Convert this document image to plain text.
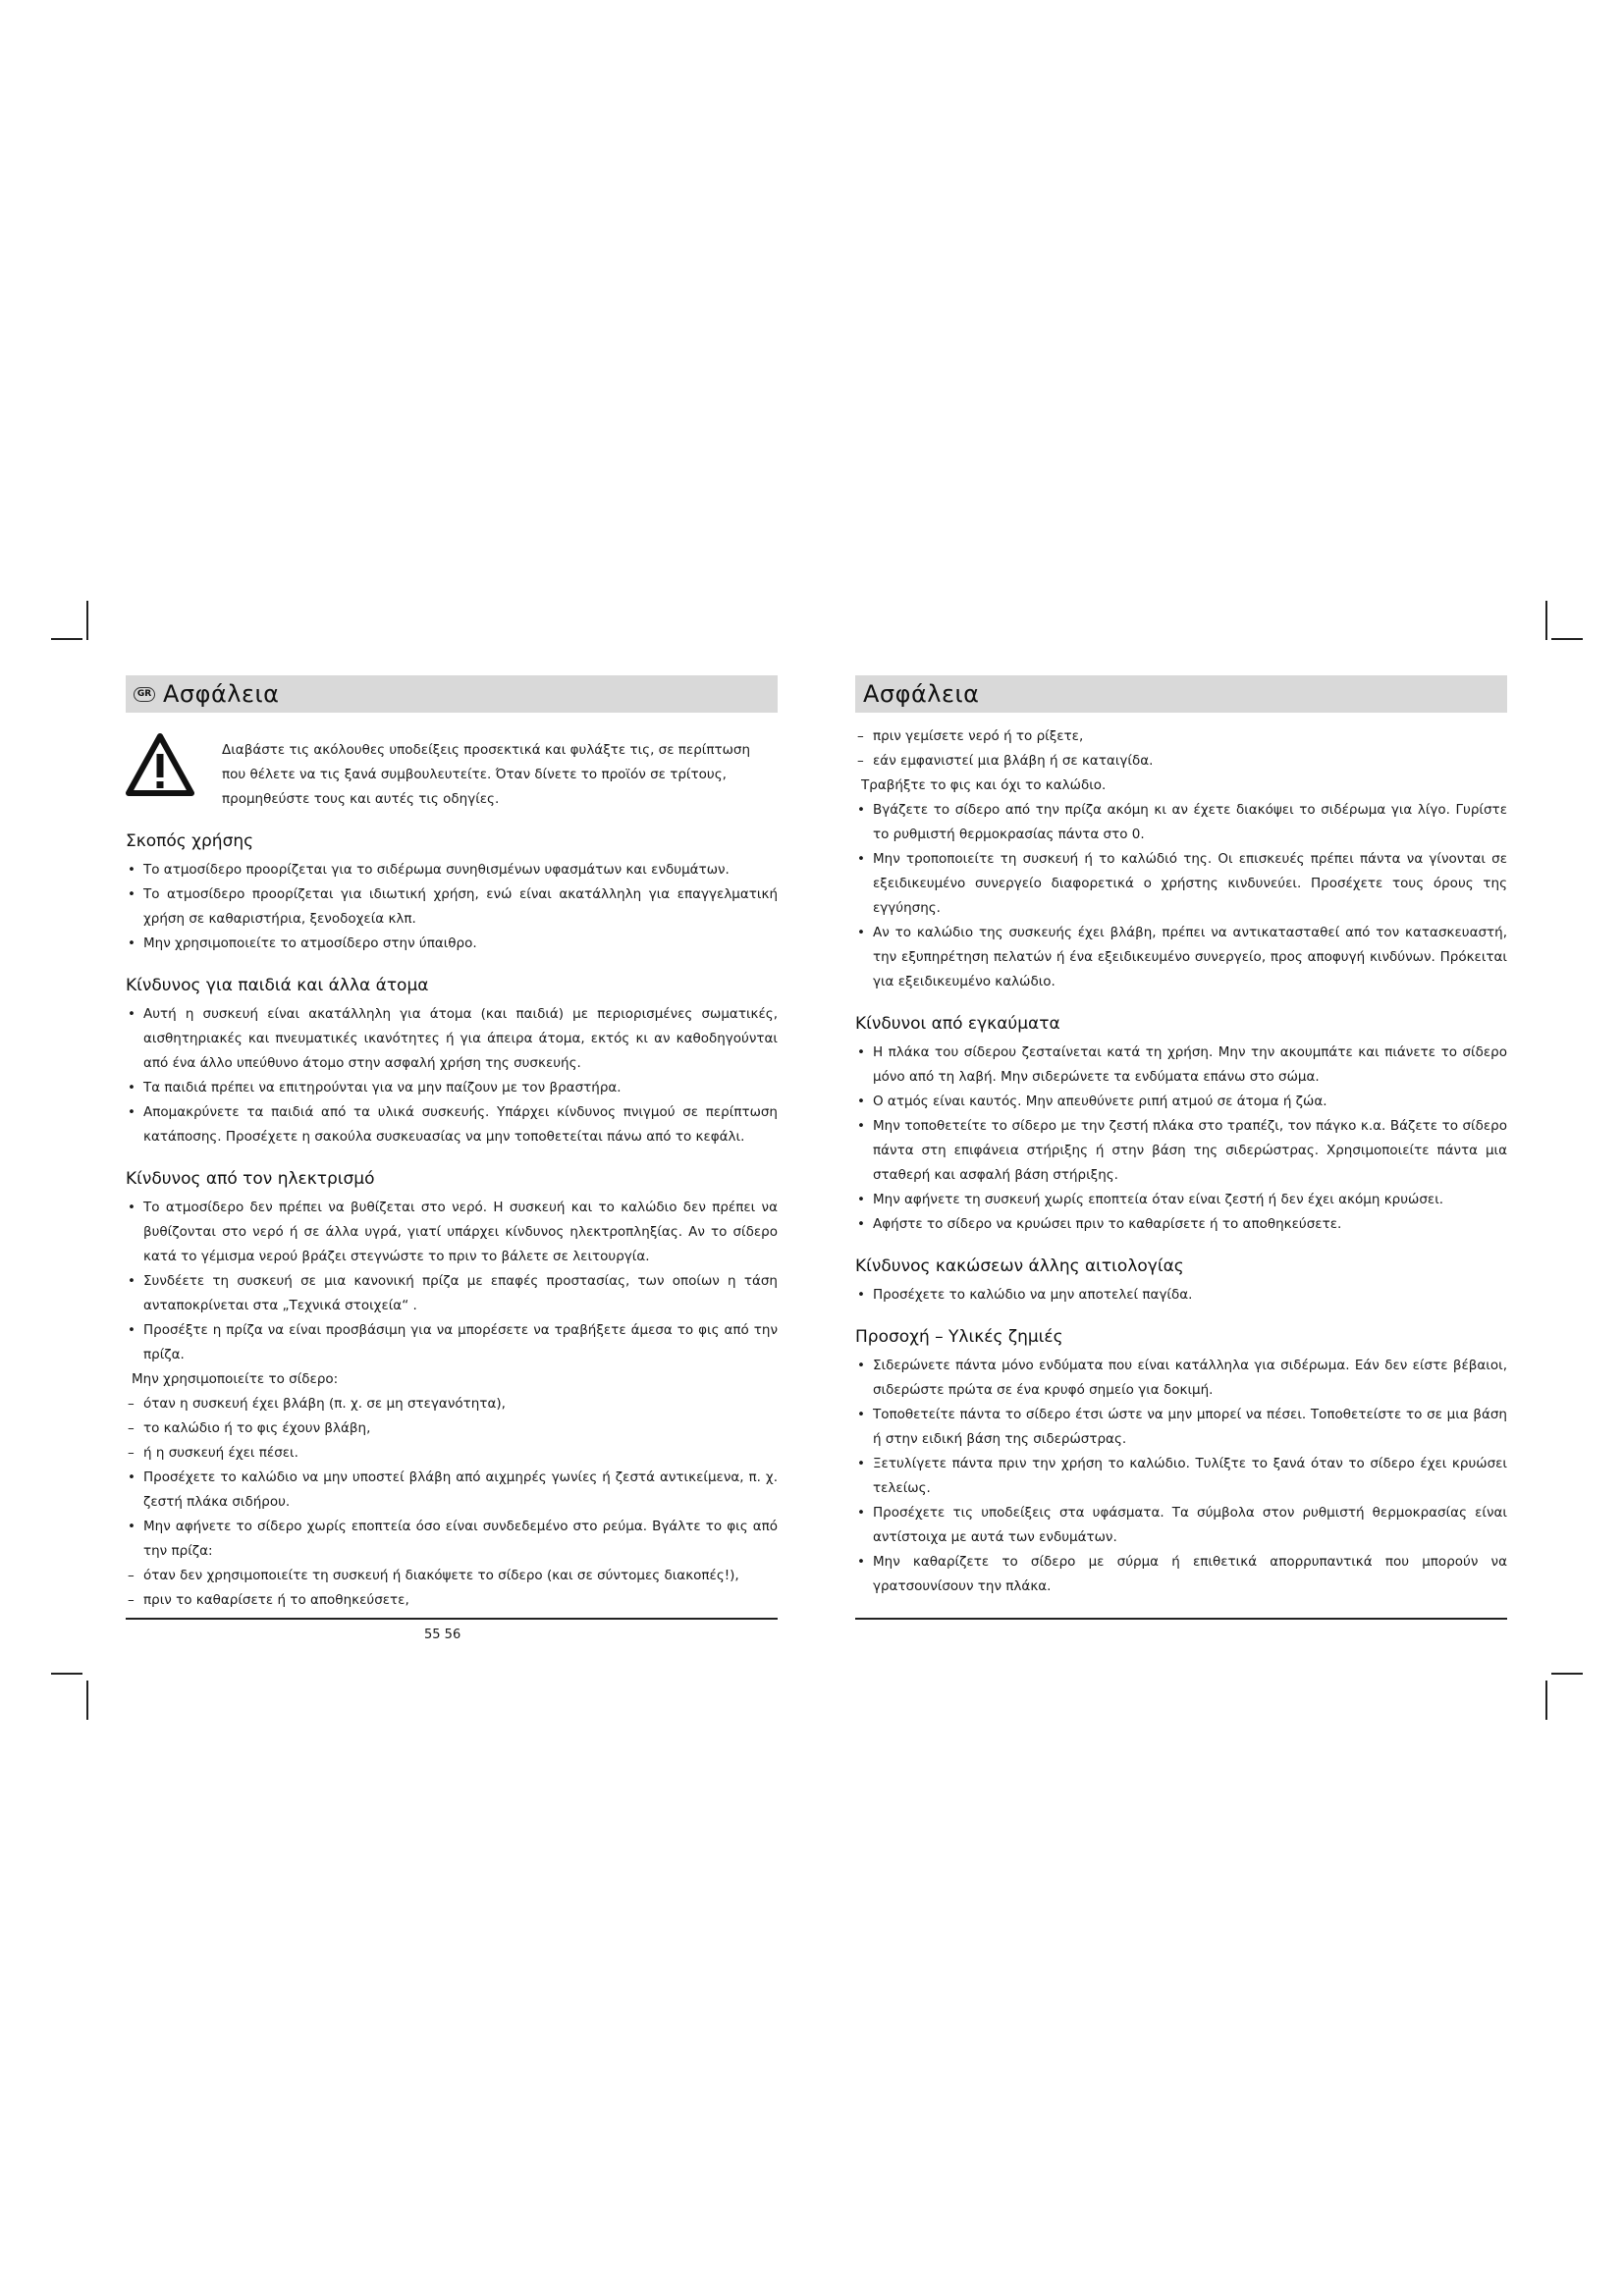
GR Ασφάλεια
Διαβάστε τις ακόλουθες υποδείξεις προσεκτικά και φυλάξτε τις, σε περίπτωση που θέλετε να τις ξανά συμβουλευτείτε. Όταν δίνετε το προϊόν σε τρίτους, προμηθεύστε τους και αυτές τις οδηγίες.
Σκοπός χρήσης
• Το ατμοσίδερο προορίζεται για το σιδέρωμα συνηθισμένων υφασμάτων και ενδυμάτων.
• Το ατμοσίδερο προορίζεται για ιδιωτική χρήση, ενώ είναι ακατάλληλη για επαγγελματική χρήση σε καθαριστήρια, ξενοδοχεία κλπ.
• Μην χρησιμοποιείτε το ατμοσίδερο στην ύπαιθρο.
Κίνδυνος για παιδιά και άλλα άτομα
• Αυτή η συσκευή είναι ακατάλληλη για άτομα (και παιδιά) με περιορισμένες σωματικές, αισθητηριακές και πνευματικές ικανότητες ή για άπειρα άτομα, εκτός κι αν καθοδηγούνται από ένα άλλο υπεύθυνο άτομο στην ασφαλή χρήση της συσκευής.
• Τα παιδιά πρέπει να επιτηρούνται για να μην παίζουν με τον βραστήρα.
• Απομακρύνετε τα παιδιά από τα υλικά συσκευής. Υπάρχει κίνδυνος πνιγμού σε περίπτωση κατάποσης. Προσέχετε η σακούλα συσκευασίας να μην τοποθετείται πάνω από το κεφάλι.
Κίνδυνος από τον ηλεκτρισμό
• Το ατμοσίδερο δεν πρέπει να βυθίζεται στο νερό. Η συσκευή και το καλώδιο δεν πρέπει να βυθίζονται στο νερό ή σε άλλα υγρά, γιατί υπάρχει κίνδυνος ηλεκτροπληξίας. Αν το σίδερο κατά το γέμισμα νερού βράζει στεγνώστε το πριν το βάλετε σε λειτουργία.
• Συνδέετε τη συσκευή σε μια κανονική πρίζα με επαφές προστασίας, των οποίων η τάση ανταποκρίνεται στα „Τεχνικά στοιχεία“ .
• Προσέξτε η πρίζα να είναι προσβάσιμη για να μπορέσετε να τραβήξετε άμεσα το φις από την πρίζα.
Μην χρησιμοποιείτε το σίδερο:
– όταν η συσκευή έχει βλάβη (π. χ. σε μη στεγανότητα),
– το καλώδιο ή το φις έχουν βλάβη,
– ή η συσκευή έχει πέσει.
• Προσέχετε το καλώδιο να μην υποστεί βλάβη από αιχμηρές γωνίες ή ζεστά αντικείμενα, π. χ. ζεστή πλάκα σιδήρου.
• Μην αφήνετε το σίδερο χωρίς εποπτεία όσο είναι συνδεδεμένο στο ρεύμα. Βγάλτε το φις από την πρίζα:
– όταν δεν χρησιμοποιείτε τη συσκευή ή διακόψετε το σίδερο (και σε σύντομες διακοπές!),
– πριν το καθαρίσετε ή το αποθηκεύσετε,
55 56
Ασφάλεια
– πριν γεμίσετε νερό ή το ρίξετε,
– εάν εμφανιστεί μια βλάβη ή σε καταιγίδα.
Τραβήξτε το φις και όχι το καλώδιο.
• Βγάζετε το σίδερο από την πρίζα ακόμη κι αν έχετε διακόψει το σιδέρωμα για λίγο. Γυρίστε το ρυθμιστή θερμοκρασίας πάντα στο 0.
• Μην τροποποιείτε τη συσκευή ή το καλώδιό της. Οι επισκευές πρέπει πάντα να γίνονται σε εξειδικευμένο συνεργείο διαφορετικά ο χρήστης κινδυνεύει. Προσέχετε τους όρους της εγγύησης.
• Αν το καλώδιο της συσκευής έχει βλάβη, πρέπει να αντικατασταθεί από τον κατασκευαστή, την εξυπηρέτηση πελατών ή ένα εξειδικευμένο συνεργείο, προς αποφυγή κινδύνων. Πρόκειται για εξειδικευμένο καλώδιο.
Κίνδυνοι από εγκαύματα
• Η πλάκα του σίδερου ζεσταίνεται κατά τη χρήση. Μην την ακουμπάτε και πιάνετε το σίδερο μόνο από τη λαβή. Μην σιδερώνετε τα ενδύματα επάνω στο σώμα.
• Ο ατμός είναι καυτός. Μην απευθύνετε ριπή ατμού σε άτομα ή ζώα.
• Μην τοποθετείτε το σίδερο με την ζεστή πλάκα στο τραπέζι, τον πάγκο κ.α. Βάζετε το σίδερο πάντα στη επιφάνεια στήριξης ή στην βάση της σιδερώστρας. Χρησιμοποιείτε πάντα μια σταθερή και ασφαλή βάση στήριξης.
• Μην αφήνετε τη συσκευή χωρίς εποπτεία όταν είναι ζεστή ή δεν έχει ακόμη κρυώσει.
• Αφήστε το σίδερο να κρυώσει πριν το καθαρίσετε ή το αποθηκεύσετε.
Κίνδυνος κακώσεων άλλης αιτιολογίας
• Προσέχετε το καλώδιο να μην αποτελεί παγίδα.
Προσοχή – Υλικές ζημιές
• Σιδερώνετε πάντα μόνο ενδύματα που είναι κατάλληλα για σιδέρωμα. Εάν δεν είστε βέβαιοι, σιδερώστε πρώτα σε ένα κρυφό σημείο για δοκιμή.
• Τοποθετείτε πάντα το σίδερο έτσι ώστε να μην μπορεί να πέσει. Τοποθετείστε το σε μια βάση ή στην ειδική βάση της σιδερώστρας.
• Ξετυλίγετε πάντα πριν την χρήση το καλώδιο. Τυλίξτε το ξανά όταν το σίδερο έχει κρυώσει τελείως.
• Προσέχετε τις υποδείξεις στα υφάσματα. Τα σύμβολα στον ρυθμιστή θερμοκρασίας είναι αντίστοιχα με αυτά των ενδυμάτων.
• Μην καθαρίζετε το σίδερο με σύρμα ή επιθετικά απορρυπαντικά που μπορούν να γρατσουνίσουν την πλάκα.
